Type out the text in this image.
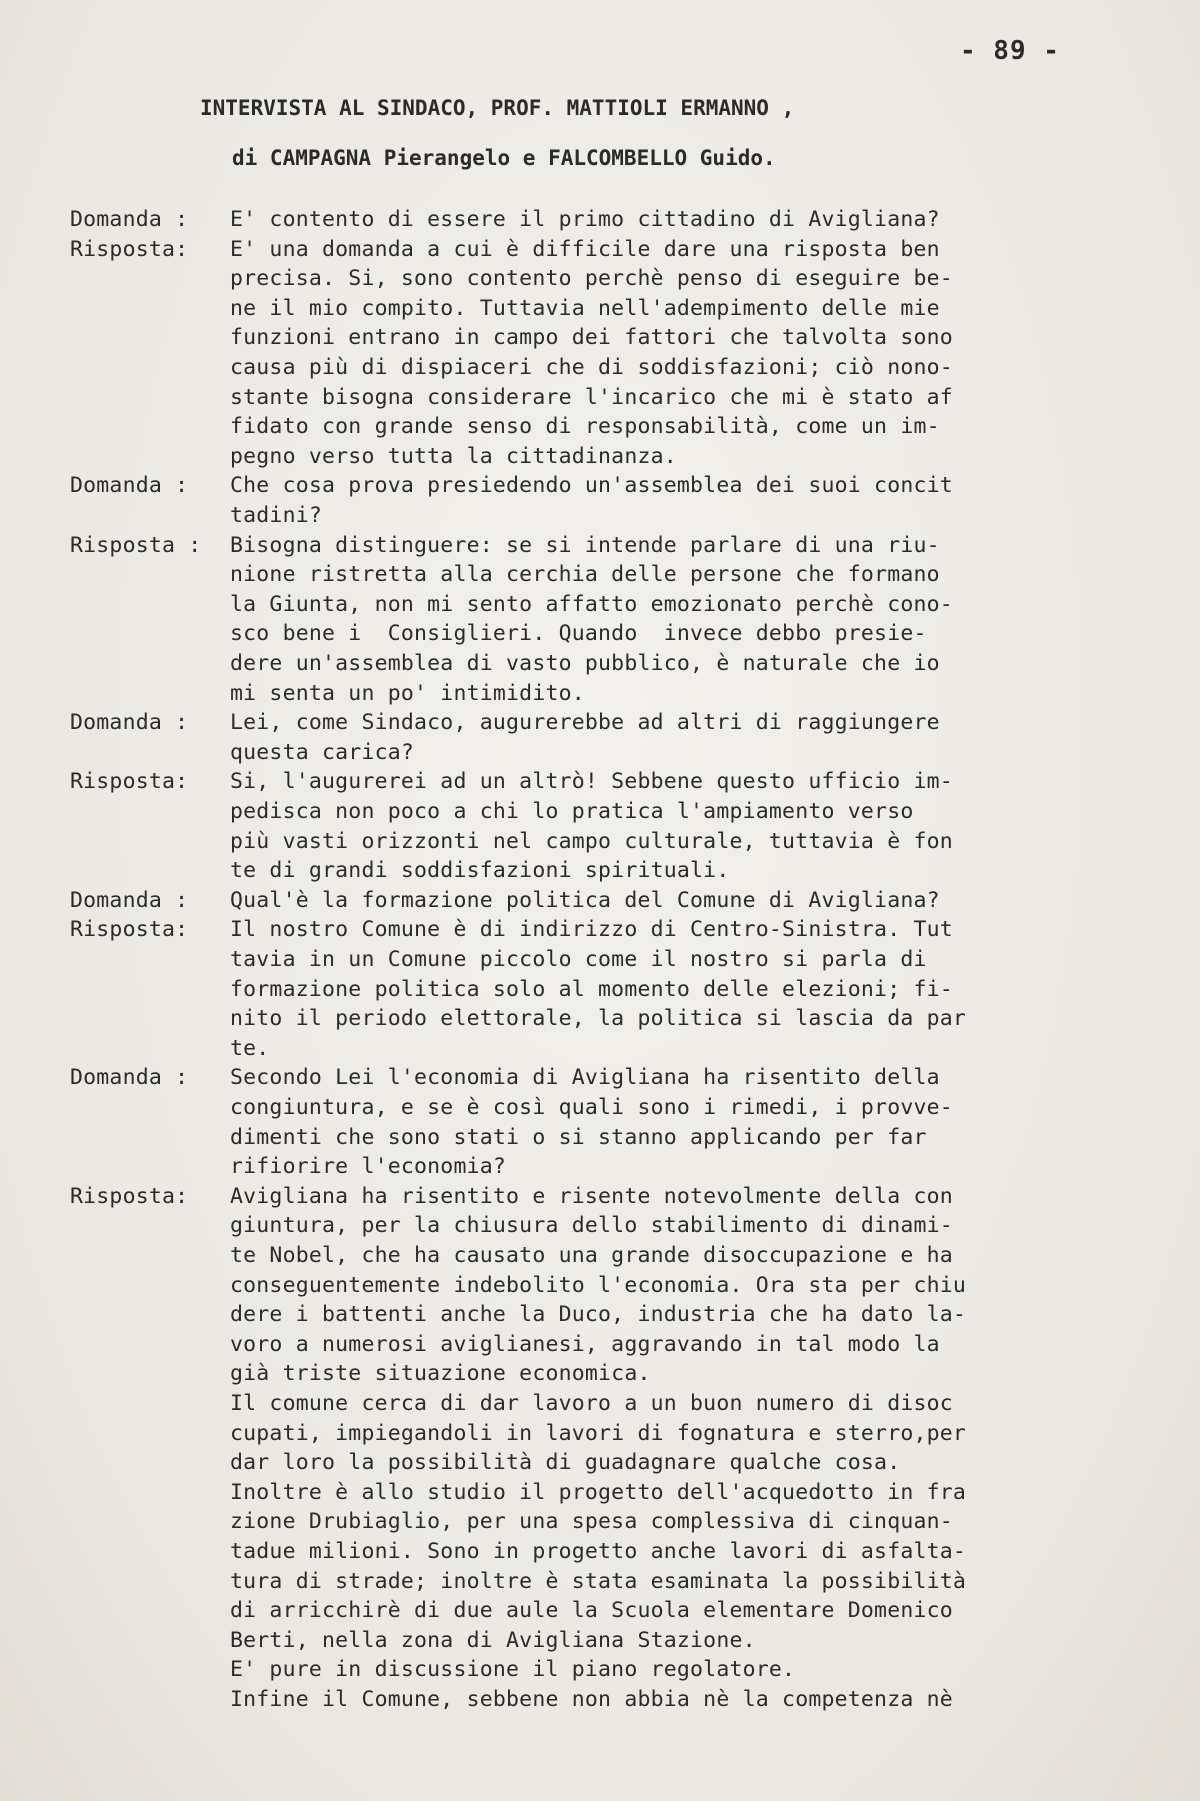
- 89 -
INTERVISTA AL SINDACO, PROF. MATTIOLI ERMANNO ,
di CAMPAGNA Pierangelo e FALCOMBELLO Guido.
Domanda : E' contento di essere il primo cittadino di Avigliana?
Risposta: E' una domanda a cui è difficile dare una risposta ben
precisa. Si, sono contento perchè penso di eseguire be-
ne il mio compito. Tuttavia nell'adempimento delle mie
funzioni entrano in campo dei fattori che talvolta sono
causa più di dispiaceri che di soddisfazioni; ciò nono-
stante bisogna considerare l'incarico che mi è stato af
fidato con grande senso di responsabilità, come un im-
pegno verso tutta la cittadinanza.
Domanda : Che cosa prova presiedendo un'assemblea dei suoi concit
tadini?
Risposta : Bisogna distinguere: se si intende parlare di una riu-
nione ristretta alla cerchia delle persone che formano
la Giunta, non mi sento affatto emozionato perchè cono-
sco bene i  Consiglieri. Quando  invece debbo presie-
dere un'assemblea di vasto pubblico, è naturale che io
mi senta un po' intimidito.
Domanda : Lei, come Sindaco, augurerebbe ad altri di raggiungere
questa carica?
Risposta: Si, l'augurerei ad un altrò! Sebbene questo ufficio im-
pedisca non poco a chi lo pratica l'ampiamento verso
più vasti orizzonti nel campo culturale, tuttavia è fon
te di grandi soddisfazioni spirituali.
Domanda : Qual'è la formazione politica del Comune di Avigliana?
Risposta: Il nostro Comune è di indirizzo di Centro-Sinistra. Tut
tavia in un Comune piccolo come il nostro si parla di
formazione politica solo al momento delle elezioni; fi-
nito il periodo elettorale, la politica si lascia da par
te.
Domanda : Secondo Lei l'economia di Avigliana ha risentito della
congiuntura, e se è così quali sono i rimedi, i provve-
dimenti che sono stati o si stanno applicando per far
rifiorire l'economia?
Risposta: Avigliana ha risentito e risente notevolmente della con
giuntura, per la chiusura dello stabilimento di dinami-
te Nobel, che ha causato una grande disoccupazione e ha
conseguentemente indebolito l'economia. Ora sta per chiu
dere i battenti anche la Duco, industria che ha dato la-
voro a numerosi aviglianesi, aggravando in tal modo la
già triste situazione economica.
Il comune cerca di dar lavoro a un buon numero di disoc
cupati, impiegandoli in lavori di fognatura e sterro,per
dar loro la possibilità di guadagnare qualche cosa.
Inoltre è allo studio il progetto dell'acquedotto in fra
zione Drubiaglio, per una spesa complessiva di cinquan-
tadue milioni. Sono in progetto anche lavori di asfalta-
tura di strade; inoltre è stata esaminata la possibilità
di arricchirè di due aule la Scuola elementare Domenico
Berti, nella zona di Avigliana Stazione.
E' pure in discussione il piano regolatore.
Infine il Comune, sebbene non abbia nè la competenza nè
